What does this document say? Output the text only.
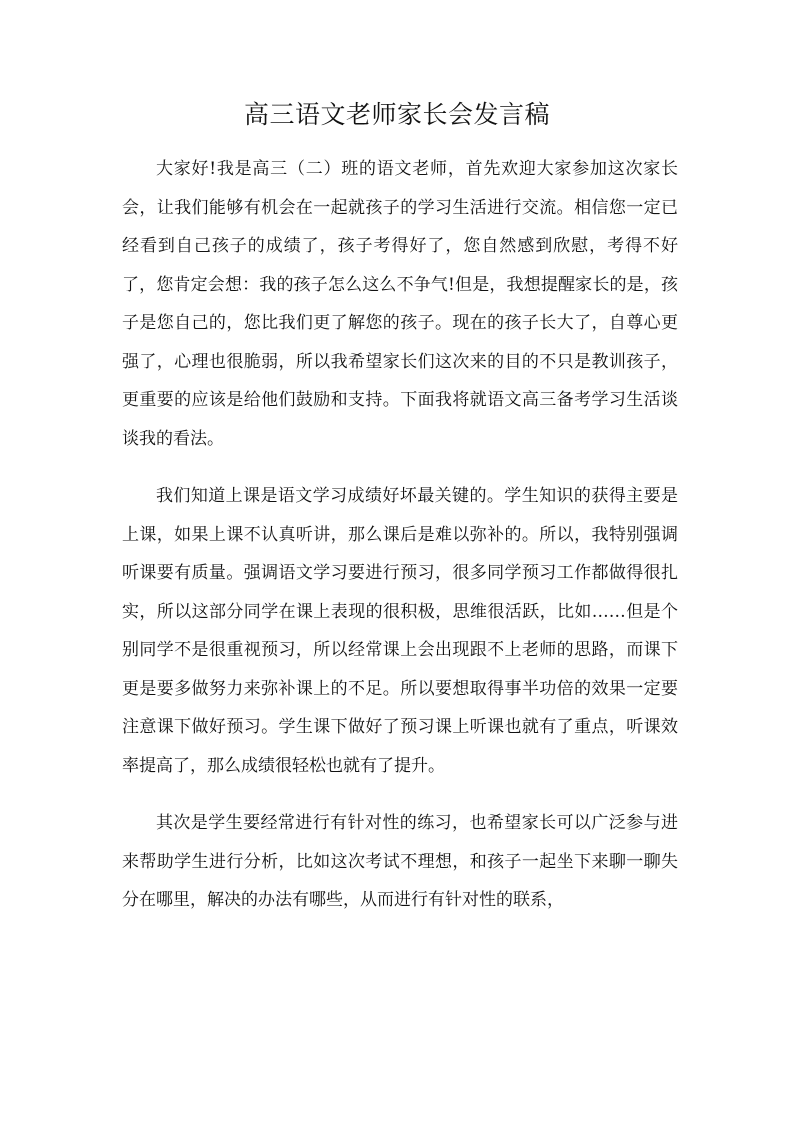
高三语文老师家长会发言稿

大家好!我是高三（二）班的语文老师，首先欢迎大家参加这次家长会，让我们能够有机会在一起就孩子的学习生活进行交流。相信您一定已经看到自己孩子的成绩了，孩子考得好了，您自然感到欣慰，考得不好了，您肯定会想：我的孩子怎么这么不争气!但是，我想提醒家长的是，孩子是您自己的，您比我们更了解您的孩子。现在的孩子长大了，自尊心更强了，心理也很脆弱，所以我希望家长们这次来的目的不只是教训孩子，更重要的应该是给他们鼓励和支持。下面我将就语文高三备考学习生活谈谈我的看法。

我们知道上课是语文学习成绩好坏最关键的。学生知识的获得主要是上课，如果上课不认真听讲，那么课后是难以弥补的。所以，我特别强调听课要有质量。强调语文学习要进行预习，很多同学预习工作都做得很扎实，所以这部分同学在课上表现的很积极，思维很活跃，比如……但是个别同学不是很重视预习，所以经常课上会出现跟不上老师的思路，而课下更是要多做努力来弥补课上的不足。所以要想取得事半功倍的效果一定要注意课下做好预习。学生课下做好了预习课上听课也就有了重点，听课效率提高了，那么成绩很轻松也就有了提升。

其次是学生要经常进行有针对性的练习，也希望家长可以广泛参与进来帮助学生进行分析，比如这次考试不理想，和孩子一起坐下来聊一聊失分在哪里，解决的办法有哪些，从而进行有针对性的联系，
